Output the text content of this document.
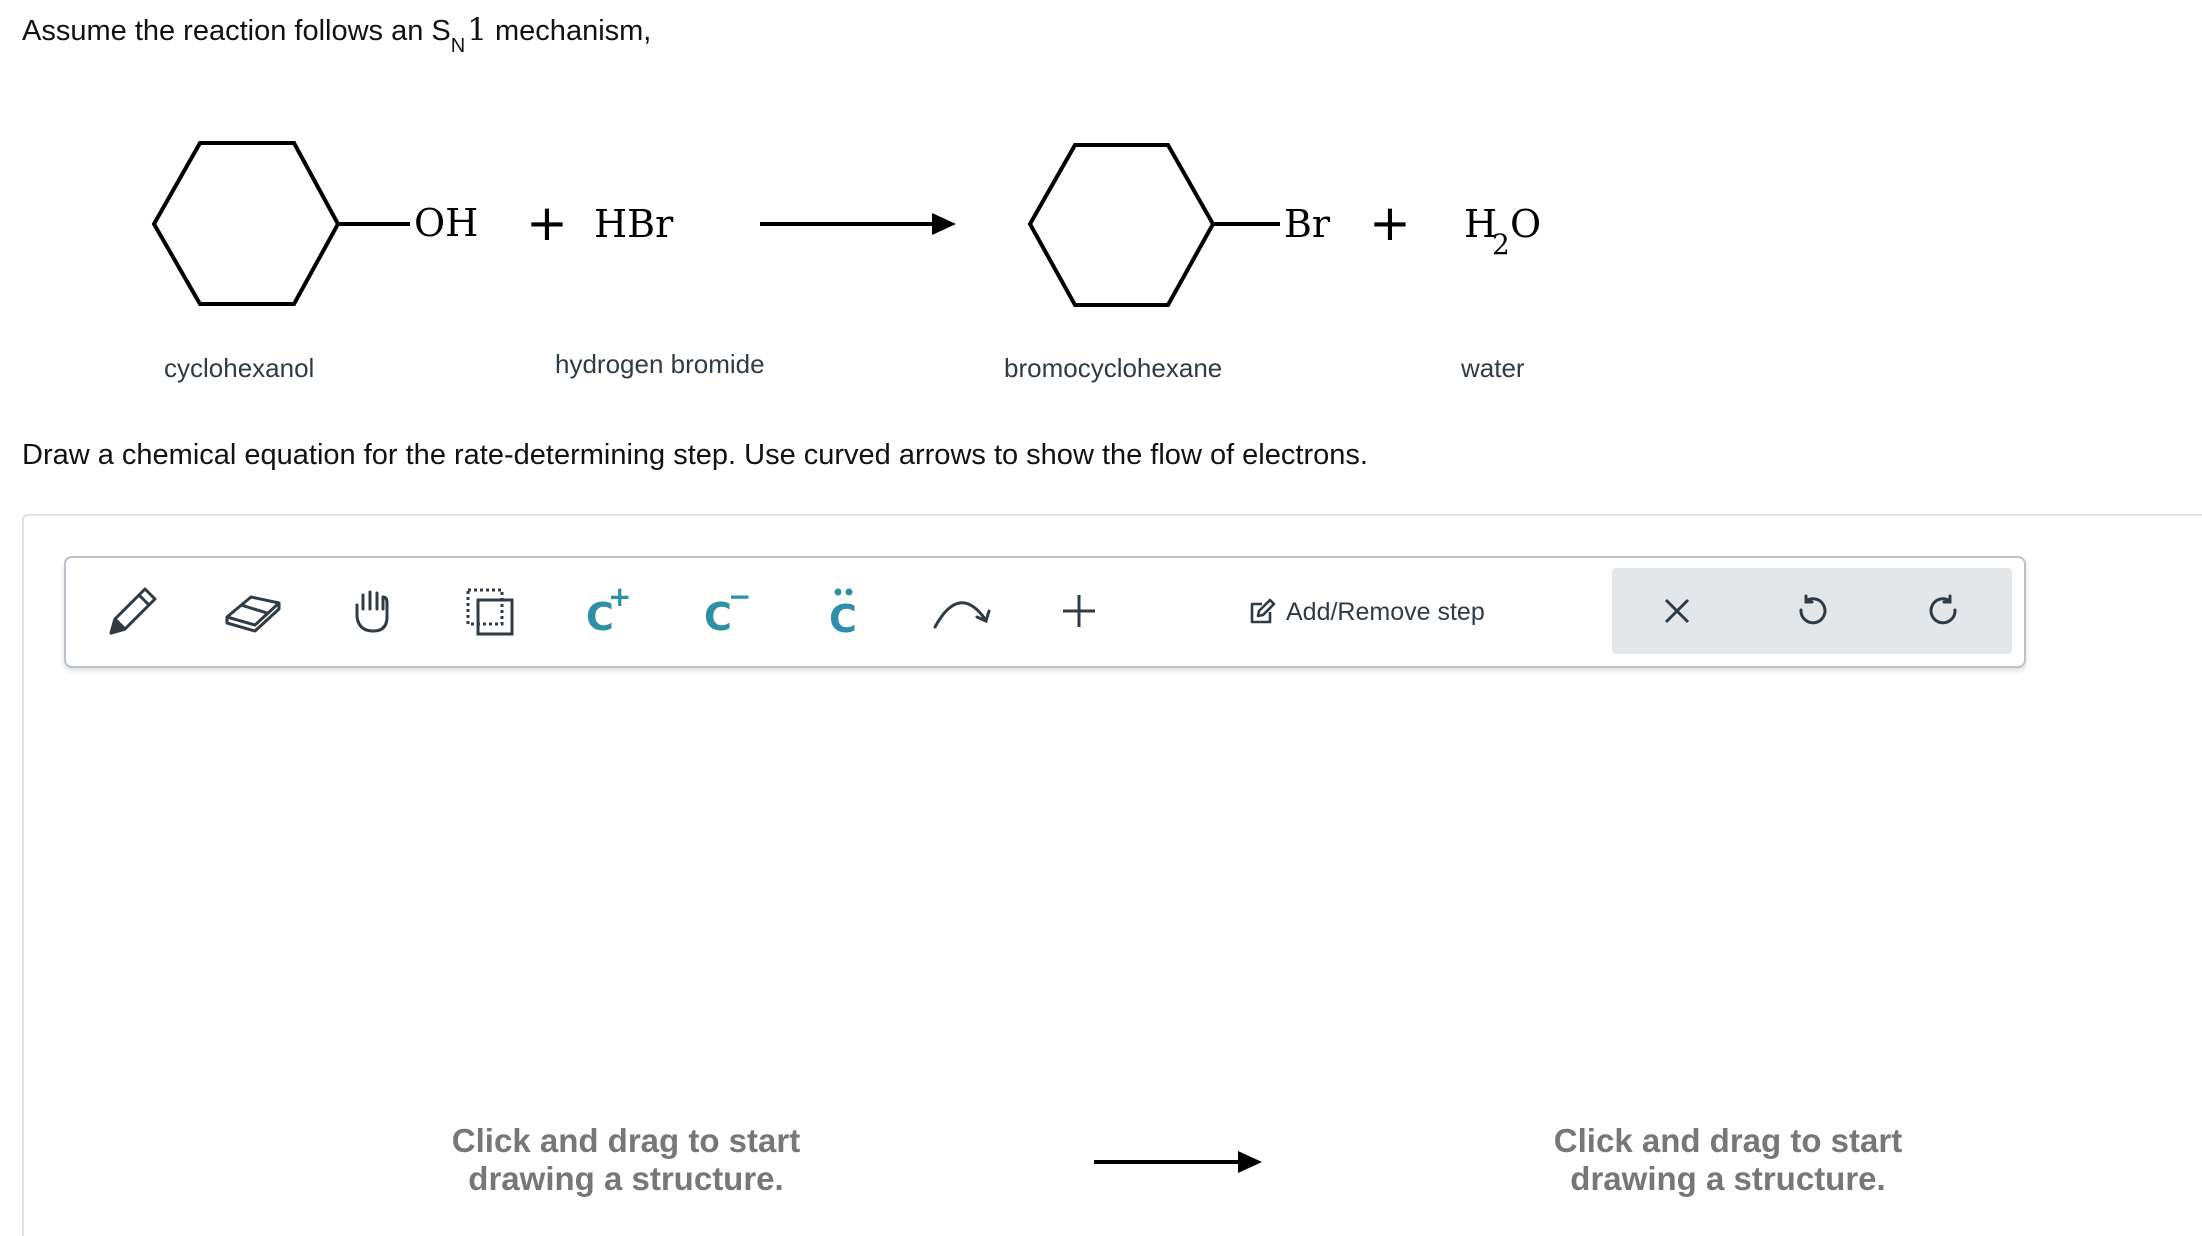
Assume the reaction follows an $S_N1$ mechanism,
OH + HBr	Br + H
2 O
cyclohexanol	hydrogen bromide	bromocyclohexane	water
Draw a chemical equation for the rate-determining step. Use curved arrows to show the flow of electrons.
C
+ C
−
C	Add/Remove step
Click and drag to start
drawing a structure.
Click and drag to start
drawing a structure.
